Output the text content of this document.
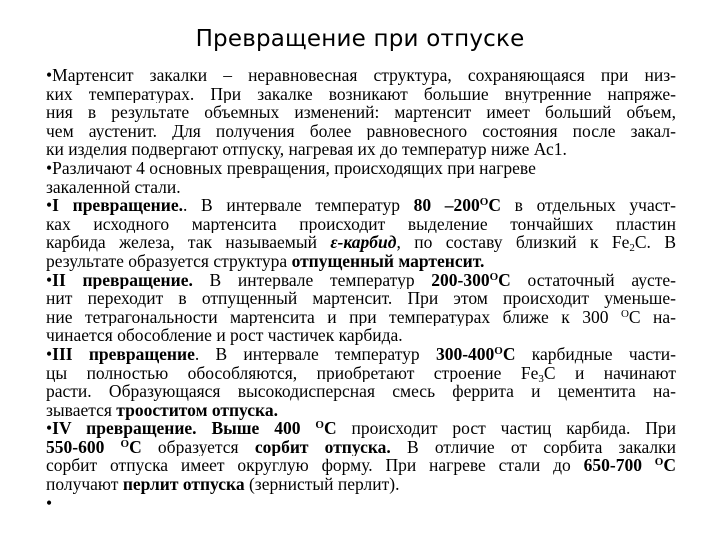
Превращение при отпуске
•Мартенсит закалки – неравновесная структура, сохраняющаяся при низ-
ких температурах. При закалке возникают большие внутренние напряже-
ния в результате объемных изменений: мартенсит имеет больший объем,
чем аустенит. Для получения более равновесного состояния после закал-
ки изделия подвергают отпуску, нагревая их до температур ниже Ас1.
•Различают 4 основных превращения, происходящих при нагреве
закаленной стали.
•I превращение.. В интервале температур 80 $-200^OС$ в отдельных участ-
ках исходного мартенсита происходит выделение тончайших пластин
карбида железа, так называемый ε-карбид, по составу близкий к $Fe_2С$. В
результате образуется структура отпущенный мартенсит.
•II превращение. В интервале температур $200-300^OС$ остаточный аусте-
нит переходит в отпущенный мартенсит. При этом происходит уменьше-
ние тетрагональности мартенсита и при температурах ближе к 300 $^O$С на-
чинается обособление и рост частичек карбида.
•III превращение. В интервале температур $300-400^OС$ карбидные части-
цы полностью обособляются, приобретают строение $Fe_3С$ и начинают
расти. Образующаяся высокодисперсная смесь феррита и цементита на-
зывается трооститом отпуска.
•IV превращение. Выше 400 $^O$С происходит рост частиц карбида. При
550-600 $^O$С образуется сорбит отпуска. В отличие от сорбита закалки
сорбит отпуска имеет округлую форму. При нагреве стали до 650-700 $^O$С
получают перлит отпуска (зернистый перлит).
•
